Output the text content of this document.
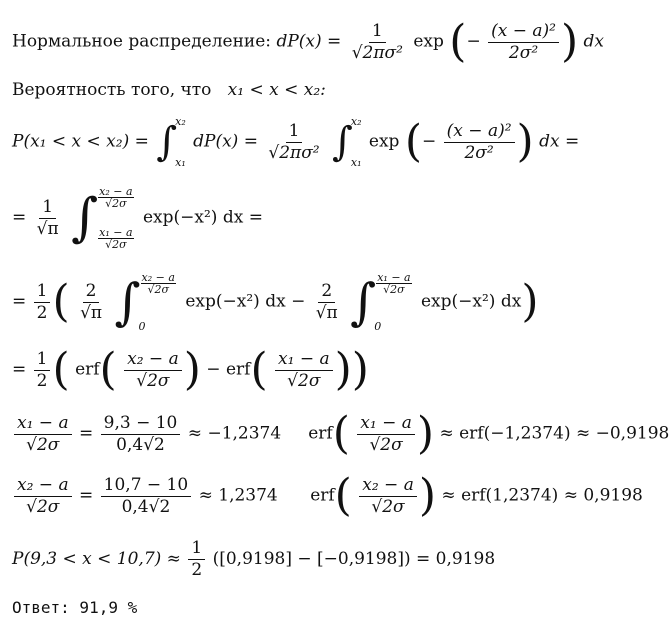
Нормальное распределение: $dP(x) = \frac{1}{\text{√2πσ²}}$ exp (− $\frac{\text{(x − a)²}}{\text{2σ²}}$ ) dx
Вероятность того, что x₁ < x < x₂:
P(x₁ < x < x₂) = ∫
x₂
x₁
$dP(x) = \frac{1}{\text{√2πσ²}}$
∫
x₂
x₁
exp (− $\frac{\text{(x − a)²}}{\text{2σ²}}$ ) dx =
= $\frac{1}{√\pi}$
∫ $\frac{\text{x₂ − a}}{√2\sigma}$
$\frac{\text{x₁ − a}}{√2\sigma}$
exp(−x²) dx =
= $\frac{1}{2}$ ( $\frac{2}{√\pi}$
∫ $\frac{\text{x₂ − a}}{√2\sigma}$
0
exp(−x²) dx − $\frac{2}{√\pi}$
∫ $\frac{\text{x₁ − a}}{√2\sigma}$
0
exp(−x²) dx)
= $\frac{1}{2}$ ( $erf( \frac{\text{x₂ − a}}{√2\sigma}$ ) − $erf( \frac{\text{x₁ − a}}{√2\sigma}$ ))
$\frac{\text{x₁ − a}}{√2\sigma} = \frac{9,3 - 10}{0,4√2} \approx -1,2374$ $erf( \frac{\text{x₁ − a}}{√2\sigma}$ ) ≈ erf(−1,2374) ≈ −0,9198
$\frac{\text{x₂ − a}}{√2\sigma} = \frac{10,7 - 10}{0,4√2} \approx 1,2374$ $erf( \frac{\text{x₂ − a}}{√2\sigma}$ ) ≈ erf(1,2374) ≈ 0,9198
$P(9,3 < x < 10,7) \approx \frac{1}{2} ([0,9198] - [-0,9198]) = 0,9198$
Ответ: 91,9 %
